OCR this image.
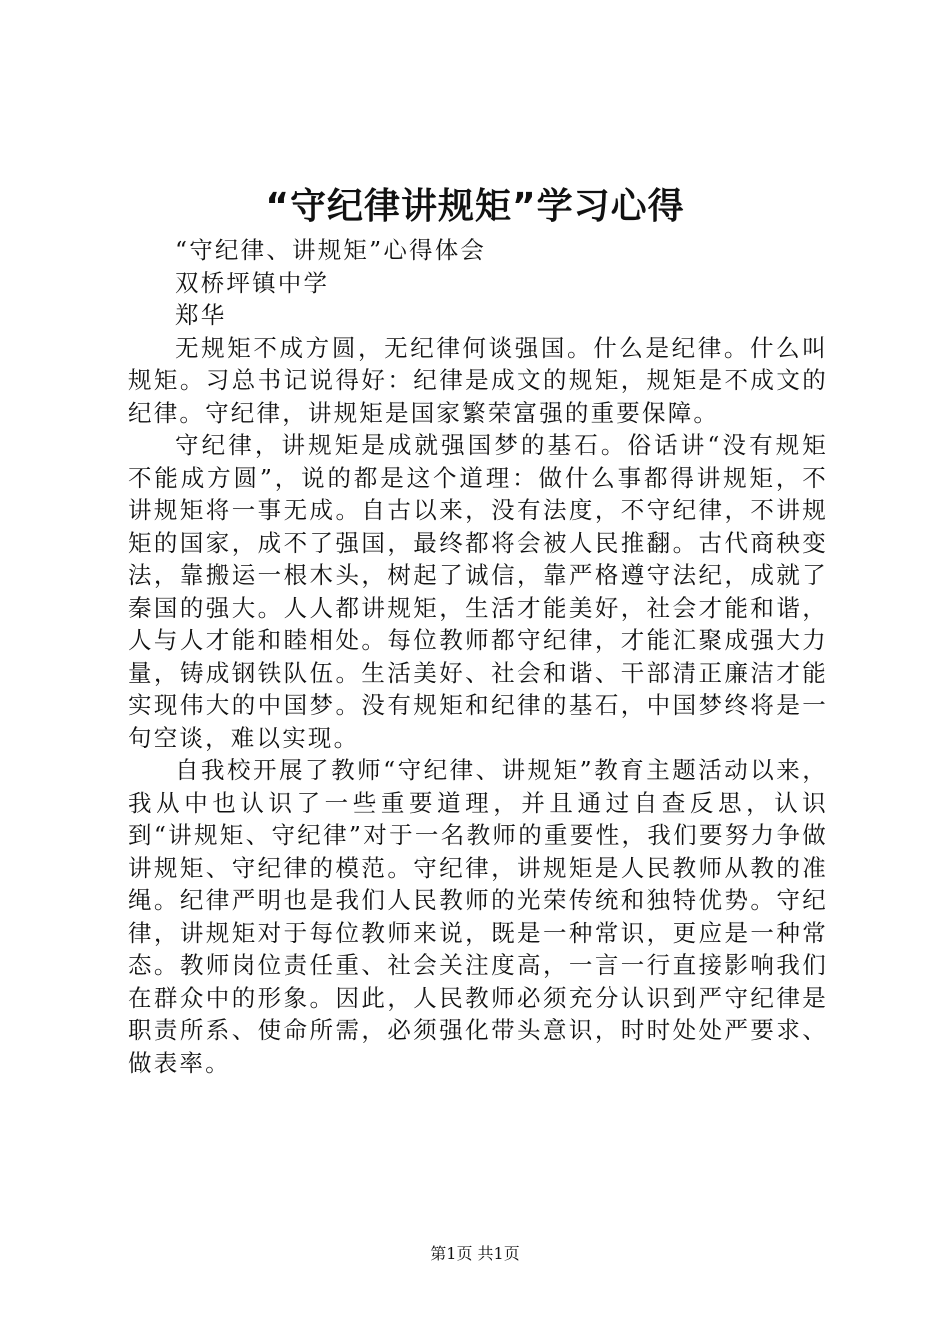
“守纪律讲规矩”学习心得

“守纪律、讲规矩”心得体会

双桥坪镇中学

郑华

无规矩不成方圆，无纪律何谈强国。什么是纪律。什么叫规矩。习总书记说得好：纪律是成文的规矩，规矩是不成文的纪律。守纪律，讲规矩是国家繁荣富强的重要保障。

守纪律，讲规矩是成就强国梦的基石。俗话讲“没有规矩不能成方圆”，说的都是这个道理：做什么事都得讲规矩，不讲规矩将一事无成。自古以来，没有法度，不守纪律，不讲规矩的国家，成不了强国，最终都将会被人民推翻。古代商秧变法，靠搬运一根木头，树起了诚信，靠严格遵守法纪，成就了秦国的强大。人人都讲规矩，生活才能美好，社会才能和谐，人与人才能和睦相处。每位教师都守纪律，才能汇聚成强大力量，铸成钢铁队伍。生活美好、社会和谐、干部清正廉洁才能实现伟大的中国梦。没有规矩和纪律的基石，中国梦终将是一句空谈，难以实现。

自我校开展了教师“守纪律、讲规矩”教育主题活动以来，我从中也认识了一些重要道理，并且通过自查反思，认识到“讲规矩、守纪律”对于一名教师的重要性，我们要努力争做讲规矩、守纪律的模范。守纪律，讲规矩是人民教师从教的准绳。纪律严明也是我们人民教师的光荣传统和独特优势。守纪律，讲规矩对于每位教师来说，既是一种常识，更应是一种常态。教师岗位责任重、社会关注度高，一言一行直接影响我们在群众中的形象。因此，人民教师必须充分认识到严守纪律是职责所系、使命所需，必须强化带头意识，时时处处严要求、做表率。

第1页 共1页
